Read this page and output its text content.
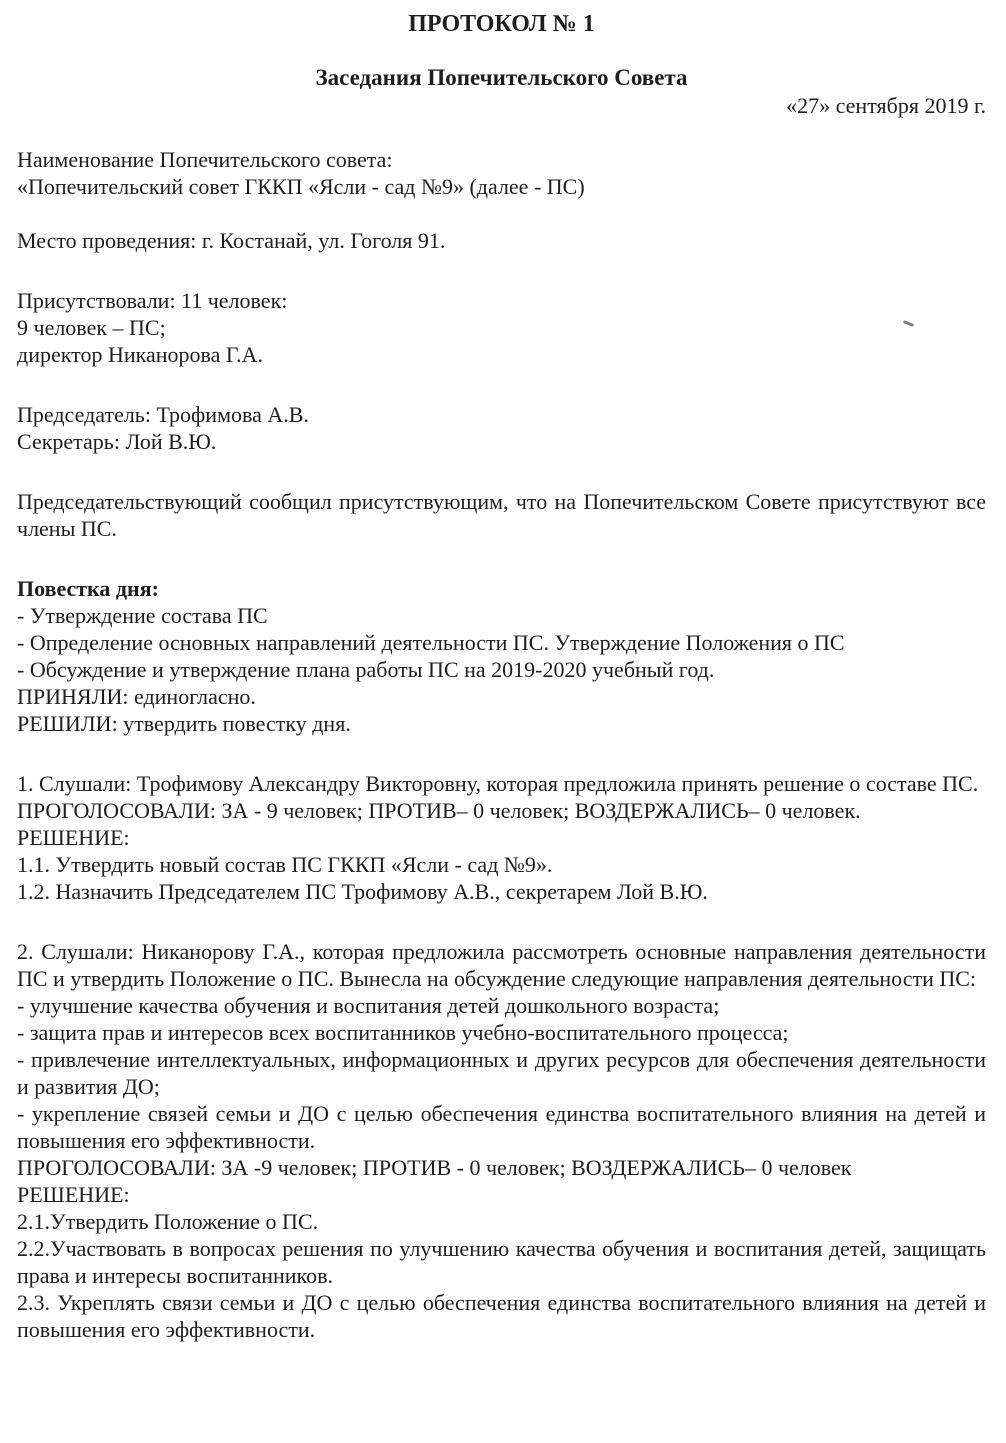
ПРОТОКОЛ № 1
Заседания Попечительского Совета

«27» сентября 2019 г.

Наименование Попечительского совета:

«Попечительский совет ГККП «Ясли - сад №9» (далее - ПС)

Место проведения: г. Костанай, ул. Гоголя 91.

Присутствовали: 11 человек:

9 человек – ПС;

директор Никанорова Г.А.

Председатель: Трофимова А.В.

Секретарь: Лой В.Ю.

Председательствующий сообщил присутствующим, что на Попечительском Совете присутствуют все члены ПС.

Повестка дня:

- Утверждение состава ПС

- Определение основных направлений деятельности ПС. Утверждение Положения о ПС

- Обсуждение и утверждение плана работы ПС на 2019-2020 учебный год.

ПРИНЯЛИ: единогласно.

РЕШИЛИ: утвердить повестку дня.

1. Слушали: Трофимову Александру Викторовну, которая предложила принять решение о составе ПС.

ПРОГОЛОСОВАЛИ: ЗА - 9 человек; ПРОТИВ– 0 человек; ВОЗДЕРЖАЛИСЬ– 0 человек.

РЕШЕНИЕ:

1.1. Утвердить новый состав ПС ГККП «Ясли - сад №9».

1.2. Назначить Председателем ПС Трофимову А.В., секретарем Лой В.Ю.

2. Слушали: Никанорову Г.А., которая предложила рассмотреть основные направления деятельности ПС и утвердить Положение о ПС. Вынесла на обсуждение следующие направления деятельности ПС:

- улучшение качества обучения и воспитания детей дошкольного возраста;

- защита прав и интересов всех воспитанников учебно-воспитательного процесса;

- привлечение интеллектуальных, информационных и других ресурсов для обеспечения деятельности и развития ДО;

- укрепление связей семьи и ДО с целью обеспечения единства воспитательного влияния на детей и повышения его эффективности.

ПРОГОЛОСОВАЛИ: ЗА -9 человек; ПРОТИВ - 0 человек; ВОЗДЕРЖАЛИСЬ– 0 человек

РЕШЕНИЕ:

2.1.Утвердить Положение о ПС.

2.2.Участвовать в вопросах решения по улучшению качества обучения и воспитания детей, защищать права и интересы воспитанников.

2.3. Укреплять связи семьи и ДО с целью обеспечения единства воспитательного влияния на детей и повышения его эффективности.
